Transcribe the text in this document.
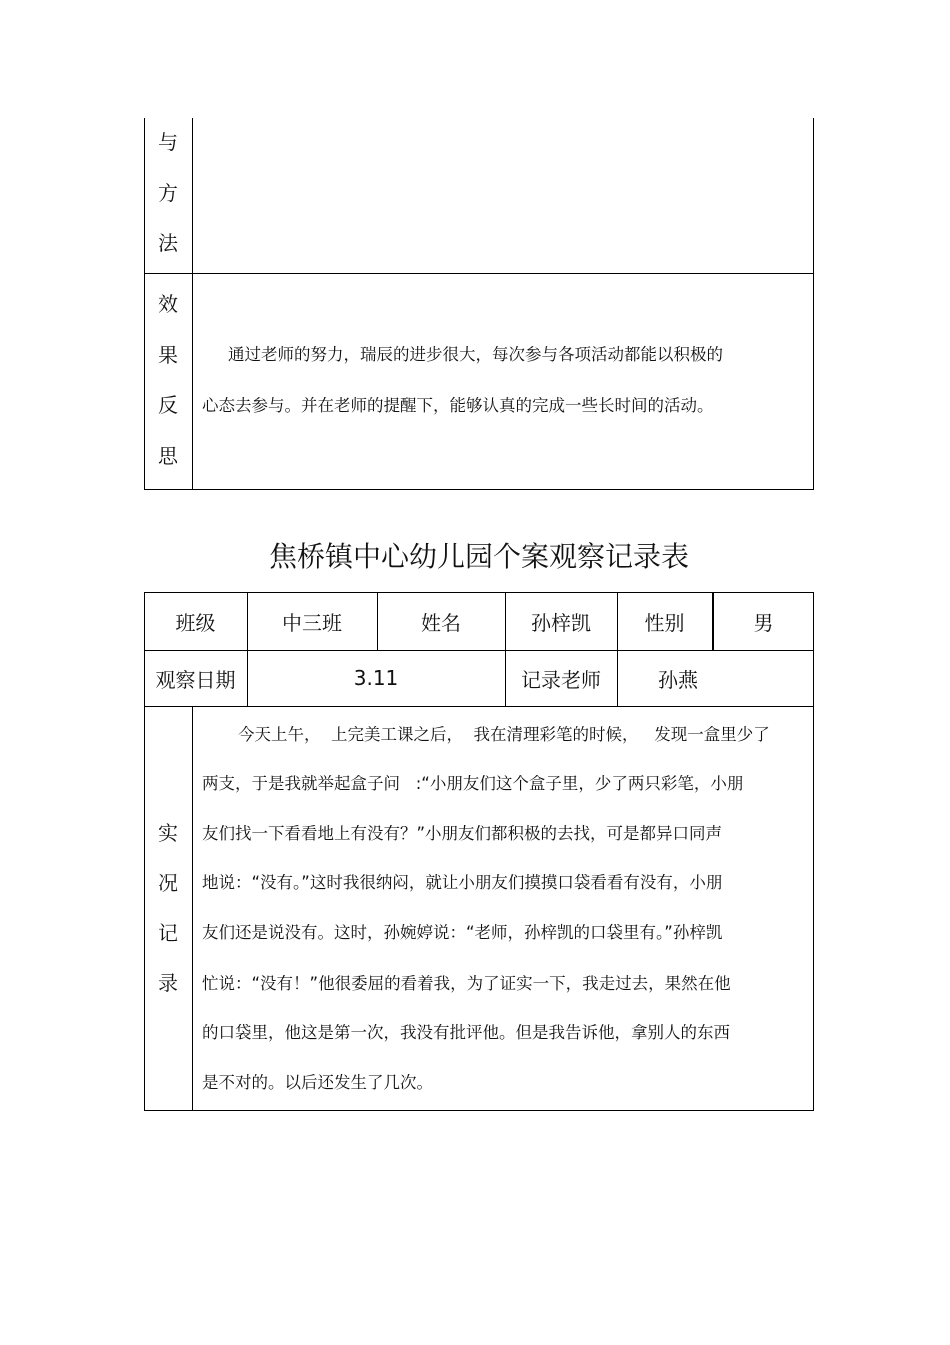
与
方
法
效
果
反
思
通过老师的努力，瑞辰的进步很大，每次参与各项活动都能以积极的
心态去参与。并在老师的提醒下，能够认真的完成一些长时间的活动。
焦桥镇中心幼儿园个案观察记录表
班级	中三班	姓名	孙梓凯	性别	男
观察日期	3.11	记录老师	孙燕
实
况
记
录
今天上午，  上完美工课之后，  我在清理彩笔的时候，   发现一盒里少了
两支，于是我就举起盒子问   :“小朋友们这个盒子里，少了两只彩笔，小朋
友们找一下看看地上有没有？”小朋友们都积极的去找，可是都异口同声
地说：“没有。”这时我很纳闷，就让小朋友们摸摸口袋看看有没有，小朋
友们还是说没有。这时，孙婉婷说：“老师，孙梓凯的口袋里有。”孙梓凯
忙说：“没有！”他很委屈的看着我，为了证实一下，我走过去，果然在他
的口袋里，他这是第一次，我没有批评他。但是我告诉他，拿别人的东西
是不对的。以后还发生了几次。
